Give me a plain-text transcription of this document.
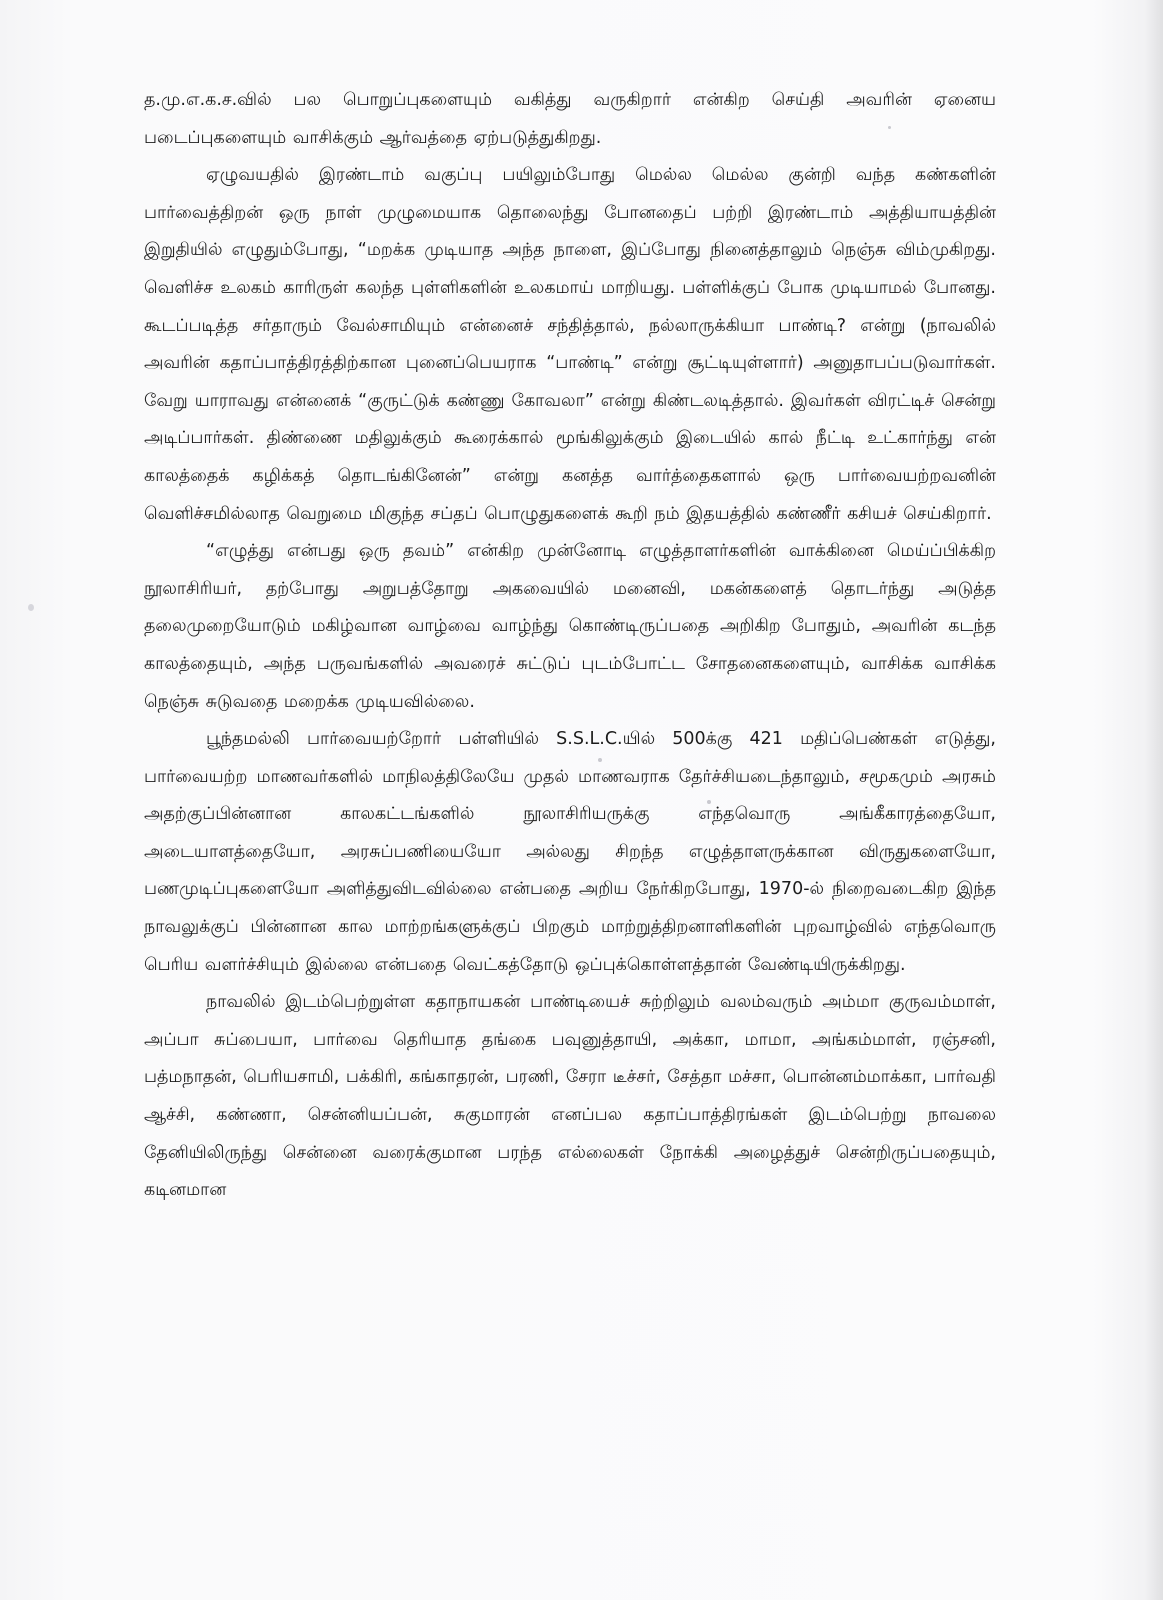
த.மு.எ.க.ச.வில் பல பொறுப்புகளையும் வகித்து வருகிறார் என்கிற செய்தி அவரின் ஏனைய படைப்புகளையும் வாசிக்கும் ஆர்வத்தை ஏற்படுத்துகிறது.

ஏழுவயதில் இரண்டாம் வகுப்பு பயிலும்போது மெல்ல மெல்ல குன்றி வந்த கண்களின் பார்வைத்திறன் ஒரு நாள் முழுமையாக தொலைந்து போனதைப் பற்றி இரண்டாம் அத்தியாயத்தின் இறுதியில் எழுதும்போது, “மறக்க முடியாத அந்த நாளை, இப்போது நினைத்தாலும் நெஞ்சு விம்முகிறது. வெளிச்ச உலகம் காரிருள் கலந்த புள்ளிகளின் உலகமாய் மாறியது. பள்ளிக்குப் போக முடியாமல் போனது. கூடப்படித்த சர்தாரும் வேல்சாமியும் என்னைச் சந்தித்தால், நல்லாருக்கியா பாண்டி? என்று (நாவலில் அவரின் கதாப்பாத்திரத்திற்கான புனைப்பெயராக “பாண்டி” என்று சூட்டியுள்ளார்) அனுதாபப்படுவார்கள். வேறு யாராவது என்னைக் “குருட்டுக் கண்ணு கோவலா” என்று கிண்டலடித்தால். இவர்கள் விரட்டிச் சென்று அடிப்பார்கள். திண்ணை மதிலுக்கும் கூரைக்கால் மூங்கிலுக்கும் இடையில் கால் நீட்டி உட்கார்ந்து என் காலத்தைக் கழிக்கத் தொடங்கினேன்” என்று கனத்த வார்த்தைகளால் ஒரு பார்வையற்றவனின் வெளிச்சமில்லாத வெறுமை மிகுந்த சப்தப் பொழுதுகளைக் கூறி நம் இதயத்தில் கண்ணீர் கசியச் செய்கிறார்.

“எழுத்து என்பது ஒரு தவம்” என்கிற முன்னோடி எழுத்தாளர்களின் வாக்கினை மெய்ப்பிக்கிற நூலாசிரியர், தற்போது அறுபத்தோறு அகவையில் மனைவி, மகன்களைத் தொடர்ந்து அடுத்த தலைமுறையோடும் மகிழ்வான வாழ்வை வாழ்ந்து கொண்டிருப்பதை அறிகிற போதும், அவரின் கடந்த காலத்தையும், அந்த பருவங்களில் அவரைச் சுட்டுப் புடம்போட்ட சோதனைகளையும், வாசிக்க வாசிக்க நெஞ்சு சுடுவதை மறைக்க முடியவில்லை.

பூந்தமல்லி பார்வையற்றோர் பள்ளியில் S.S.L.C.யில் 500க்கு 421 மதிப்பெண்கள் எடுத்து, பார்வையற்ற மாணவர்களில் மாநிலத்திலேயே முதல் மாணவராக தேர்ச்சியடைந்தாலும், சமூகமும் அரசும் அதற்குப்பின்னான காலகட்டங்களில் நூலாசிரியருக்கு எந்தவொரு அங்கீகாரத்தையோ, அடையாளத்தையோ, அரசுப்பணியையோ அல்லது சிறந்த எழுத்தாளருக்கான விருதுகளையோ, பணமுடிப்புகளையோ அளித்துவிடவில்லை என்பதை அறிய நேர்கிறபோது, 1970-ல் நிறைவடைகிற இந்த நாவலுக்குப் பின்னான கால மாற்றங்களுக்குப் பிறகும் மாற்றுத்திறனாளிகளின் புறவாழ்வில் எந்தவொரு பெரிய வளர்ச்சியும் இல்லை என்பதை வெட்கத்தோடு ஒப்புக்கொள்ளத்தான் வேண்டியிருக்கிறது.

நாவலில் இடம்பெற்றுள்ள கதாநாயகன் பாண்டியைச் சுற்றிலும் வலம்வரும் அம்மா குருவம்மாள், அப்பா சுப்பையா, பார்வை தெரியாத தங்கை பவுனுத்தாயி, அக்கா, மாமா, அங்கம்மாள், ரஞ்சனி, பத்மநாதன், பெரியசாமி, பக்கிரி, கங்காதரன், பரணி, சேரா டீச்சர், சேத்தா மச்சா, பொன்னம்மாக்கா, பார்வதி ஆச்சி, கண்ணா, சென்னியப்பன், சுகுமாரன் எனப்பல கதாப்பாத்திரங்கள் இடம்பெற்று நாவலை தேனியிலிருந்து சென்னை வரைக்குமான பரந்த எல்லைகள் நோக்கி அழைத்துச் சென்றிருப்பதையும், கடினமான
